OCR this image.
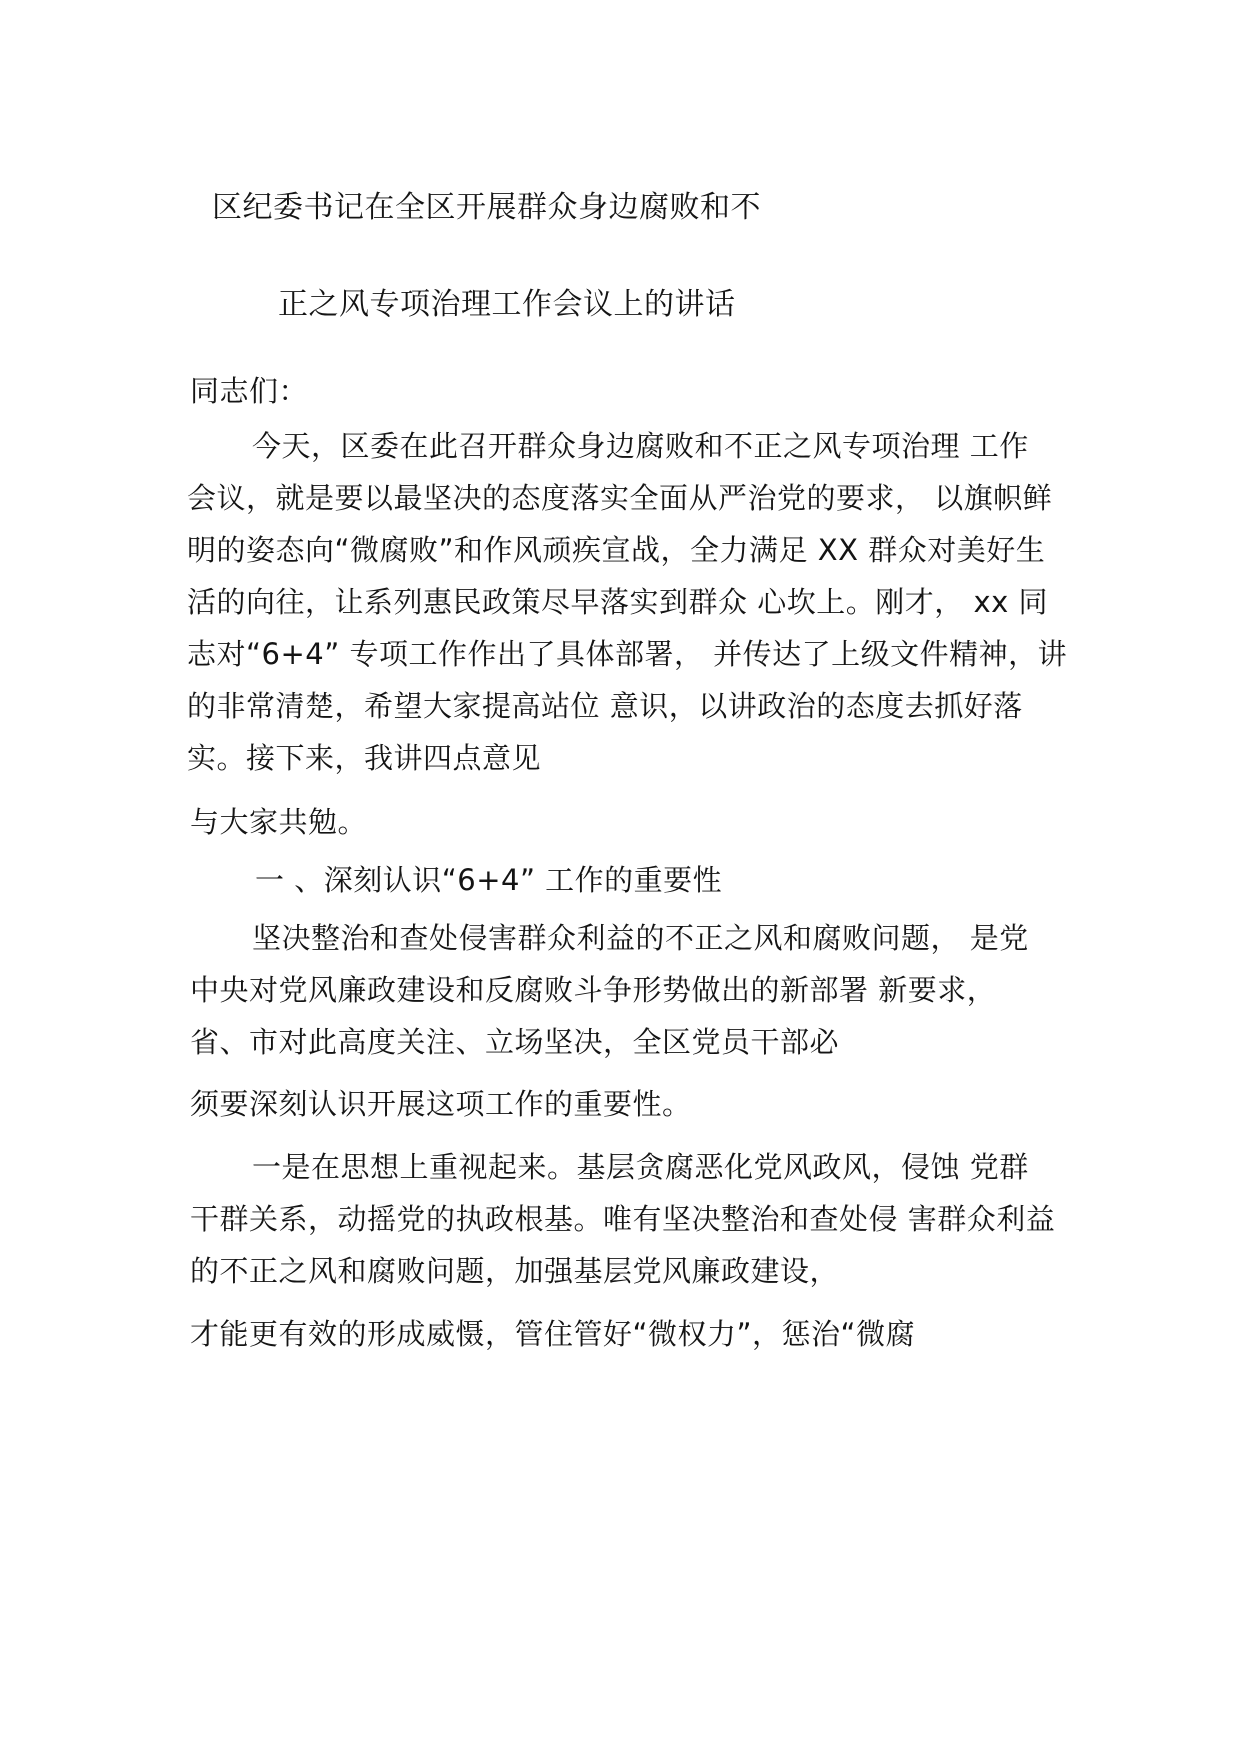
区纪委书记在全区开展群众身边腐败和不
正之风专项治理工作会议上的讲话
同志们：
今天，区委在此召开群众身边腐败和不正之风专项治理 工作
会议，就是要以最坚决的态度落实全面从严治党的要求， 以旗帜鲜
明的姿态向“微腐败”和作风顽疾宣战，全力满足 XX 群众对美好生
活的向往，让系列惠民政策尽早落实到群众 心坎上。刚才， xx 同
志对“6+4” 专项工作作出了具体部署， 并传达了上级文件精神，讲
的非常清楚，希望大家提高站位 意识，以讲政治的态度去抓好落
实。接下来，我讲四点意见
与大家共勉。
一 、深刻认识“6+4” 工作的重要性
坚决整治和查处侵害群众利益的不正之风和腐败问题， 是党
中央对党风廉政建设和反腐败斗争形势做出的新部署 新要求，
省、市对此高度关注、立场坚决，全区党员干部必
须要深刻认识开展这项工作的重要性。
一是在思想上重视起来。基层贪腐恶化党风政风，侵蚀 党群
干群关系，动摇党的执政根基。唯有坚决整治和查处侵 害群众利益
的不正之风和腐败问题，加强基层党风廉政建设，
才能更有效的形成威慑，管住管好“微权力”，惩治“微腐
